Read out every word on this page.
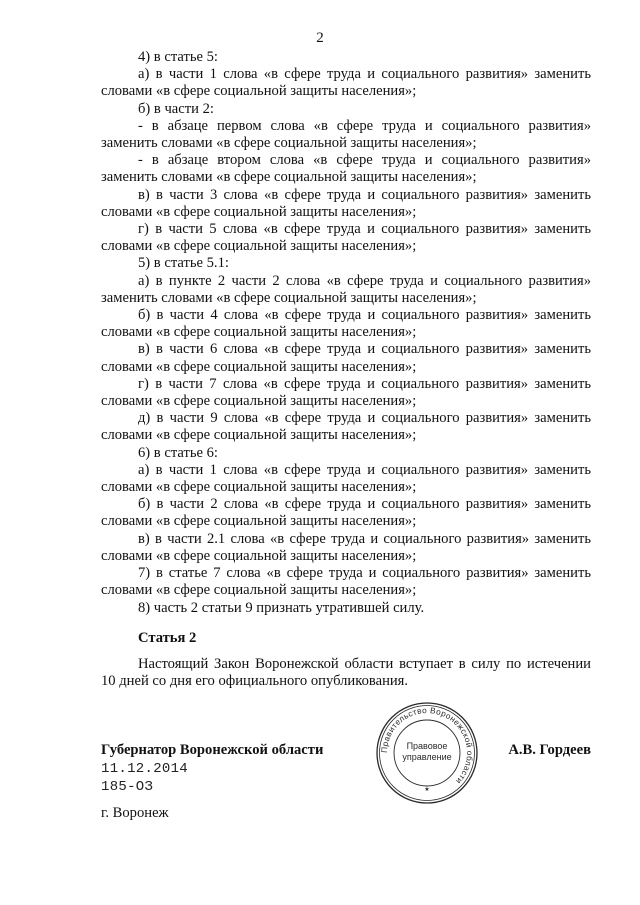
2

4) в статье 5:

а) в части 1 слова «в сфере труда и социального развития» заменить словами «в сфере социальной защиты населения»;

б) в части 2:

- в абзаце первом слова «в сфере труда и социального развития» заменить словами «в сфере социальной защиты населения»;

- в абзаце втором слова «в сфере труда и социального развития» заменить словами «в сфере социальной защиты населения»;

в) в части 3 слова «в сфере труда и социального развития» заменить словами «в сфере социальной защиты населения»;

г) в части 5 слова «в сфере труда и социального развития» заменить словами «в сфере социальной защиты населения»;

5) в статье 5.1:

а) в пункте 2 части 2 слова «в сфере труда и социального развития» заменить словами «в сфере социальной защиты населения»;

б) в части 4 слова «в сфере труда и социального развития» заменить словами «в сфере социальной защиты населения»;

в) в части 6 слова «в сфере труда и социального развития» заменить словами «в сфере социальной защиты населения»;

г) в части 7 слова «в сфере труда и социального развития» заменить словами «в сфере социальной защиты населения»;

д) в части 9 слова «в сфере труда и социального развития» заменить словами «в сфере социальной защиты населения»;

6) в статье 6:

а) в части 1 слова «в сфере труда и социального развития» заменить словами «в сфере социальной защиты населения»;

б) в части 2 слова «в сфере труда и социального развития» заменить словами «в сфере социальной защиты населения»;

в) в части 2.1 слова «в сфере труда и социального развития» заменить словами «в сфере социальной защиты населения»;

7) в статье 7 слова «в сфере труда и социального развития» заменить словами «в сфере социальной защиты населения»;

8) часть 2 статьи 9 признать утратившей силу.

Статья 2

Настоящий Закон Воронежской области вступает в силу по истечении 10 дней со дня его официального опубликования.

Губернатор Воронежской области	А.В. Гордеев
11.12.2014
185-ОЗ
г. Воронеж
Правительство Воронежской области
Правовое
управление
★
